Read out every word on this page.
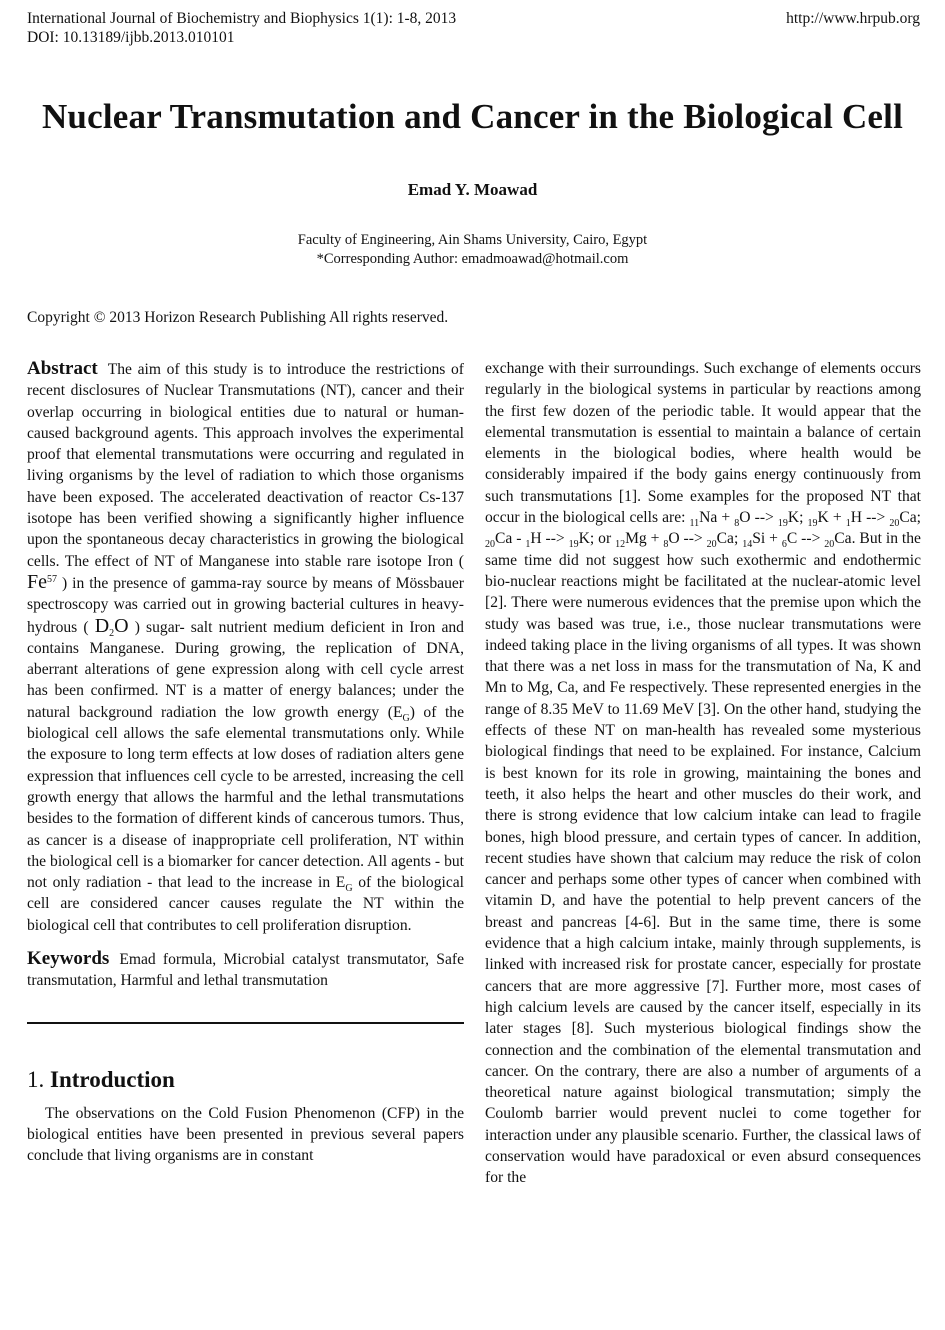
International Journal of Biochemistry and Biophysics 1(1): 1-8, 2013
DOI: 10.13189/ijbb.2013.010101
http://www.hrpub.org
Nuclear Transmutation and Cancer in the Biological Cell
Emad Y. Moawad
Faculty of Engineering, Ain Shams University, Cairo, Egypt
*Corresponding Author: emadmoawad@hotmail.com
Copyright © 2013 Horizon Research Publishing All rights reserved.

Abstract The aim of this study is to introduce the restrictions of recent disclosures of Nuclear Transmutations (NT), cancer and their overlap occurring in biological entities due to natural or human-caused background agents. This approach involves the experimental proof that elemental transmutations were occurring and regulated in living organisms by the level of radiation to which those organisms have been exposed. The accelerated deactivation of reactor Cs-137 isotope has been verified showing a significantly higher influence upon the spontaneous decay characteristics in growing the biological cells. The effect of NT of Manganese into stable rare isotope Iron ( Fe$^{57}$ ) in the presence of gamma-ray source by means of Mössbauer spectroscopy was carried out in growing bacterial cultures in heavy-hydrous ( $D_2O$ ) sugar- salt nutrient medium deficient in Iron and contains Manganese. During growing, the replication of DNA, aberrant alterations of gene expression along with cell cycle arrest has been confirmed. NT is a matter of energy balances; under the natural background radiation the low growth energy $(E_G)$ of the biological cell allows the safe elemental transmutations only. While the exposure to long term effects at low doses of radiation alters gene expression that influences cell cycle to be arrested, increasing the cell growth energy that allows the harmful and the lethal transmutations besides to the formation of different kinds of cancerous tumors. Thus, as cancer is a disease of inappropriate cell proliferation, NT within the biological cell is a biomarker for cancer detection. All agents - but not only radiation - that lead to the increase in $E_G$ of the biological cell are considered cancer causes regulate the NT within the biological cell that contributes to cell proliferation disruption.

Keywords Emad formula, Microbial catalyst transmutator, Safe transmutation, Harmful and lethal transmutation

1. Introduction

The observations on the Cold Fusion Phenomenon (CFP) in the biological entities have been presented in previous several papers conclude that living organisms are in constant

exchange with their surroundings. Such exchange of elements occurs regularly in the biological systems in particular by reactions among the first few dozen of the periodic table. It would appear that the elemental transmutation is essential to maintain a balance of certain elements in the biological bodies, where health would be considerably impaired if the body gains energy continuously from such transmutations [1]. Some examples for the proposed NT that occur in the biological cells are: $_{11}$Na + $_8$O --> $_{19}$K; $_{19}$K + $_1$H --> $_{20}$Ca; $_{20}$Ca - $_1$H --> $_{19}$K; or $_{12}$Mg + $_8$O --> $_{20}$Ca; $_{14}$Si + $_6$C --> $_{20}$Ca. But in the same time did not suggest how such exothermic and endothermic bio-nuclear reactions might be facilitated at the nuclear-atomic level [2]. There were numerous evidences that the premise upon which the study was based was true, i.e., those nuclear transmutations were indeed taking place in the living organisms of all types. It was shown that there was a net loss in mass for the transmutation of Na, K and Mn to Mg, Ca, and Fe respectively. These represented energies in the range of 8.35 MeV to 11.69 MeV [3]. On the other hand, studying the effects of these NT on man-health has revealed some mysterious biological findings that need to be explained. For instance, Calcium is best known for its role in growing, maintaining the bones and teeth, it also helps the heart and other muscles do their work, and there is strong evidence that low calcium intake can lead to fragile bones, high blood pressure, and certain types of cancer. In addition, recent studies have shown that calcium may reduce the risk of colon cancer and perhaps some other types of cancer when combined with vitamin D, and have the potential to help prevent cancers of the breast and pancreas [4-6]. But in the same time, there is some evidence that a high calcium intake, mainly through supplements, is linked with increased risk for prostate cancer, especially for prostate cancers that are more aggressive [7]. Further more, most cases of high calcium levels are caused by the cancer itself, especially in its later stages [8]. Such mysterious biological findings show the connection and the combination of the elemental transmutation and cancer. On the contrary, there are also a number of arguments of a theoretical nature against biological transmutation; simply the Coulomb barrier would prevent nuclei to come together for interaction under any plausible scenario. Further, the classical laws of conservation would have paradoxical or even absurd consequences for the
